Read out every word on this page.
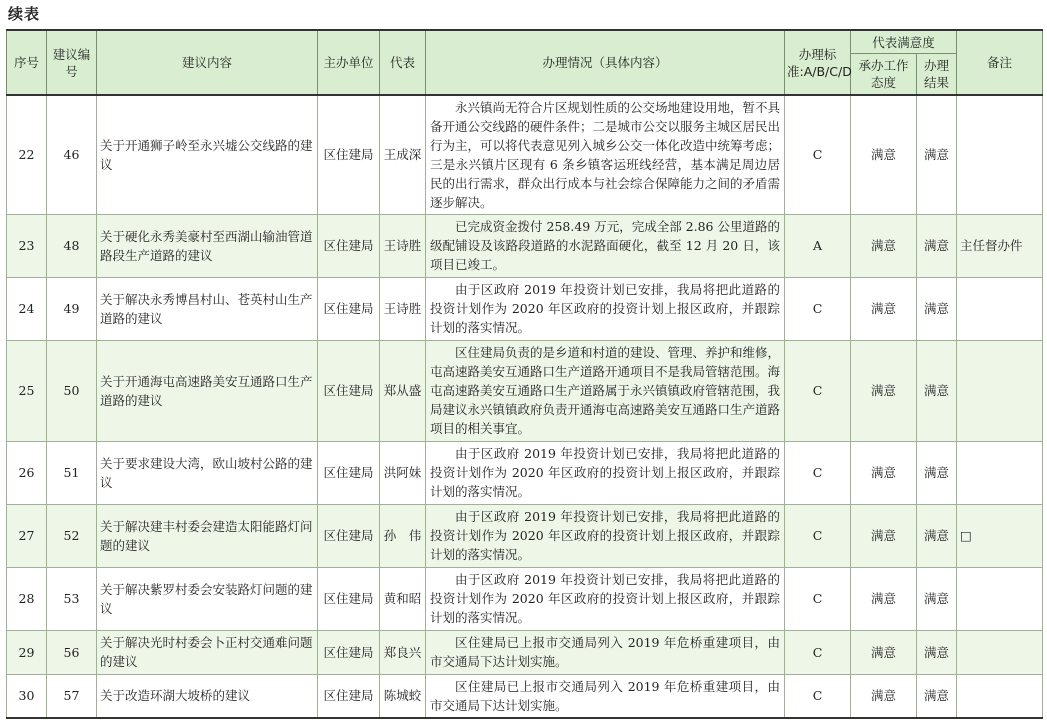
续表
序号	建议编号	建议内容	主办单位	代表	办理情况（具体内容）	办理标准:A/B/C/D	代表满意度		备注
							承办工作态度	办理结果	
22	46	关于开通狮子岭至永兴墟公交线路的建议	区住建局	王成深	永兴镇尚无符合片区规划性质的公交场地建设用地，暂不具备开通公交线路的硬件条件；二是城市公交以服务主城区居民出行为主，可以将代表意见列入城乡公交一体化改造中统筹考虑；三是永兴镇片区现有 6 条乡镇客运班线经营，基本满足周边居民的出行需求，群众出行成本与社会综合保障能力之间的矛盾需逐步解决。	C	满意	满意	
23	48	关于硬化永秀美豪村至西湖山输油管道路段生产道路的建议	区住建局	王诗胜	已完成资金拨付 258.49 万元，完成全部 2.86 公里道路的级配铺设及该路段道路的水泥路面硬化，截至 12 月 20 日，该项目已竣工。	A	满意	满意	主任督办件
24	49	关于解决永秀博昌村山、苍英村山生产道路的建议	区住建局	王诗胜	由于区政府 2019 年投资计划已安排，我局将把此道路的投资计划作为 2020 年区政府的投资计划上报区政府，并跟踪计划的落实情况。	C	满意	满意	
25	50	关于开通海屯高速路美安互通路口生产道路的建议	区住建局	郑从盛	区住建局负责的是乡道和村道的建设、管理、养护和维修，屯高速路美安互通路口生产道路开通项目不是我局管辖范围。海屯高速路美安互通路口生产道路属于永兴镇镇政府管辖范围，我局建议永兴镇镇政府负责开通海屯高速路美安互通路口生产道路项目的相关事宜。	C	满意	满意	
26	51	关于要求建设大湾，欧山坡村公路的建议	区住建局	洪阿妹	由于区政府 2019 年投资计划已安排，我局将把此道路的投资计划作为 2020 年区政府的投资计划上报区政府，并跟踪计划的落实情况。	C	满意	满意	
27	52	关于解决建丰村委会建造太阳能路灯问题的建议	区住建局	孙　伟	由于区政府 2019 年投资计划已安排，我局将把此道路的投资计划作为 2020 年区政府的投资计划上报区政府，并跟踪计划的落实情况。	C	满意	满意	□
28	53	关于解决紫罗村委会安装路灯问题的建议	区住建局	黄和昭	由于区政府 2019 年投资计划已安排，我局将把此道路的投资计划作为 2020 年区政府的投资计划上报区政府，并跟踪计划的落实情况。	C	满意	满意	
29	56	关于解决光时村委会卜正村交通难问题的建议	区住建局	郑良兴	区住建局已上报市交通局列入 2019 年危桥重建项目，由市交通局下达计划实施。	C	满意	满意	
30	57	关于改造环湖大坡桥的建议	区住建局	陈城蛟	区住建局已上报市交通局列入 2019 年危桥重建项目，由市交通局下达计划实施。	C	满意	满意	
